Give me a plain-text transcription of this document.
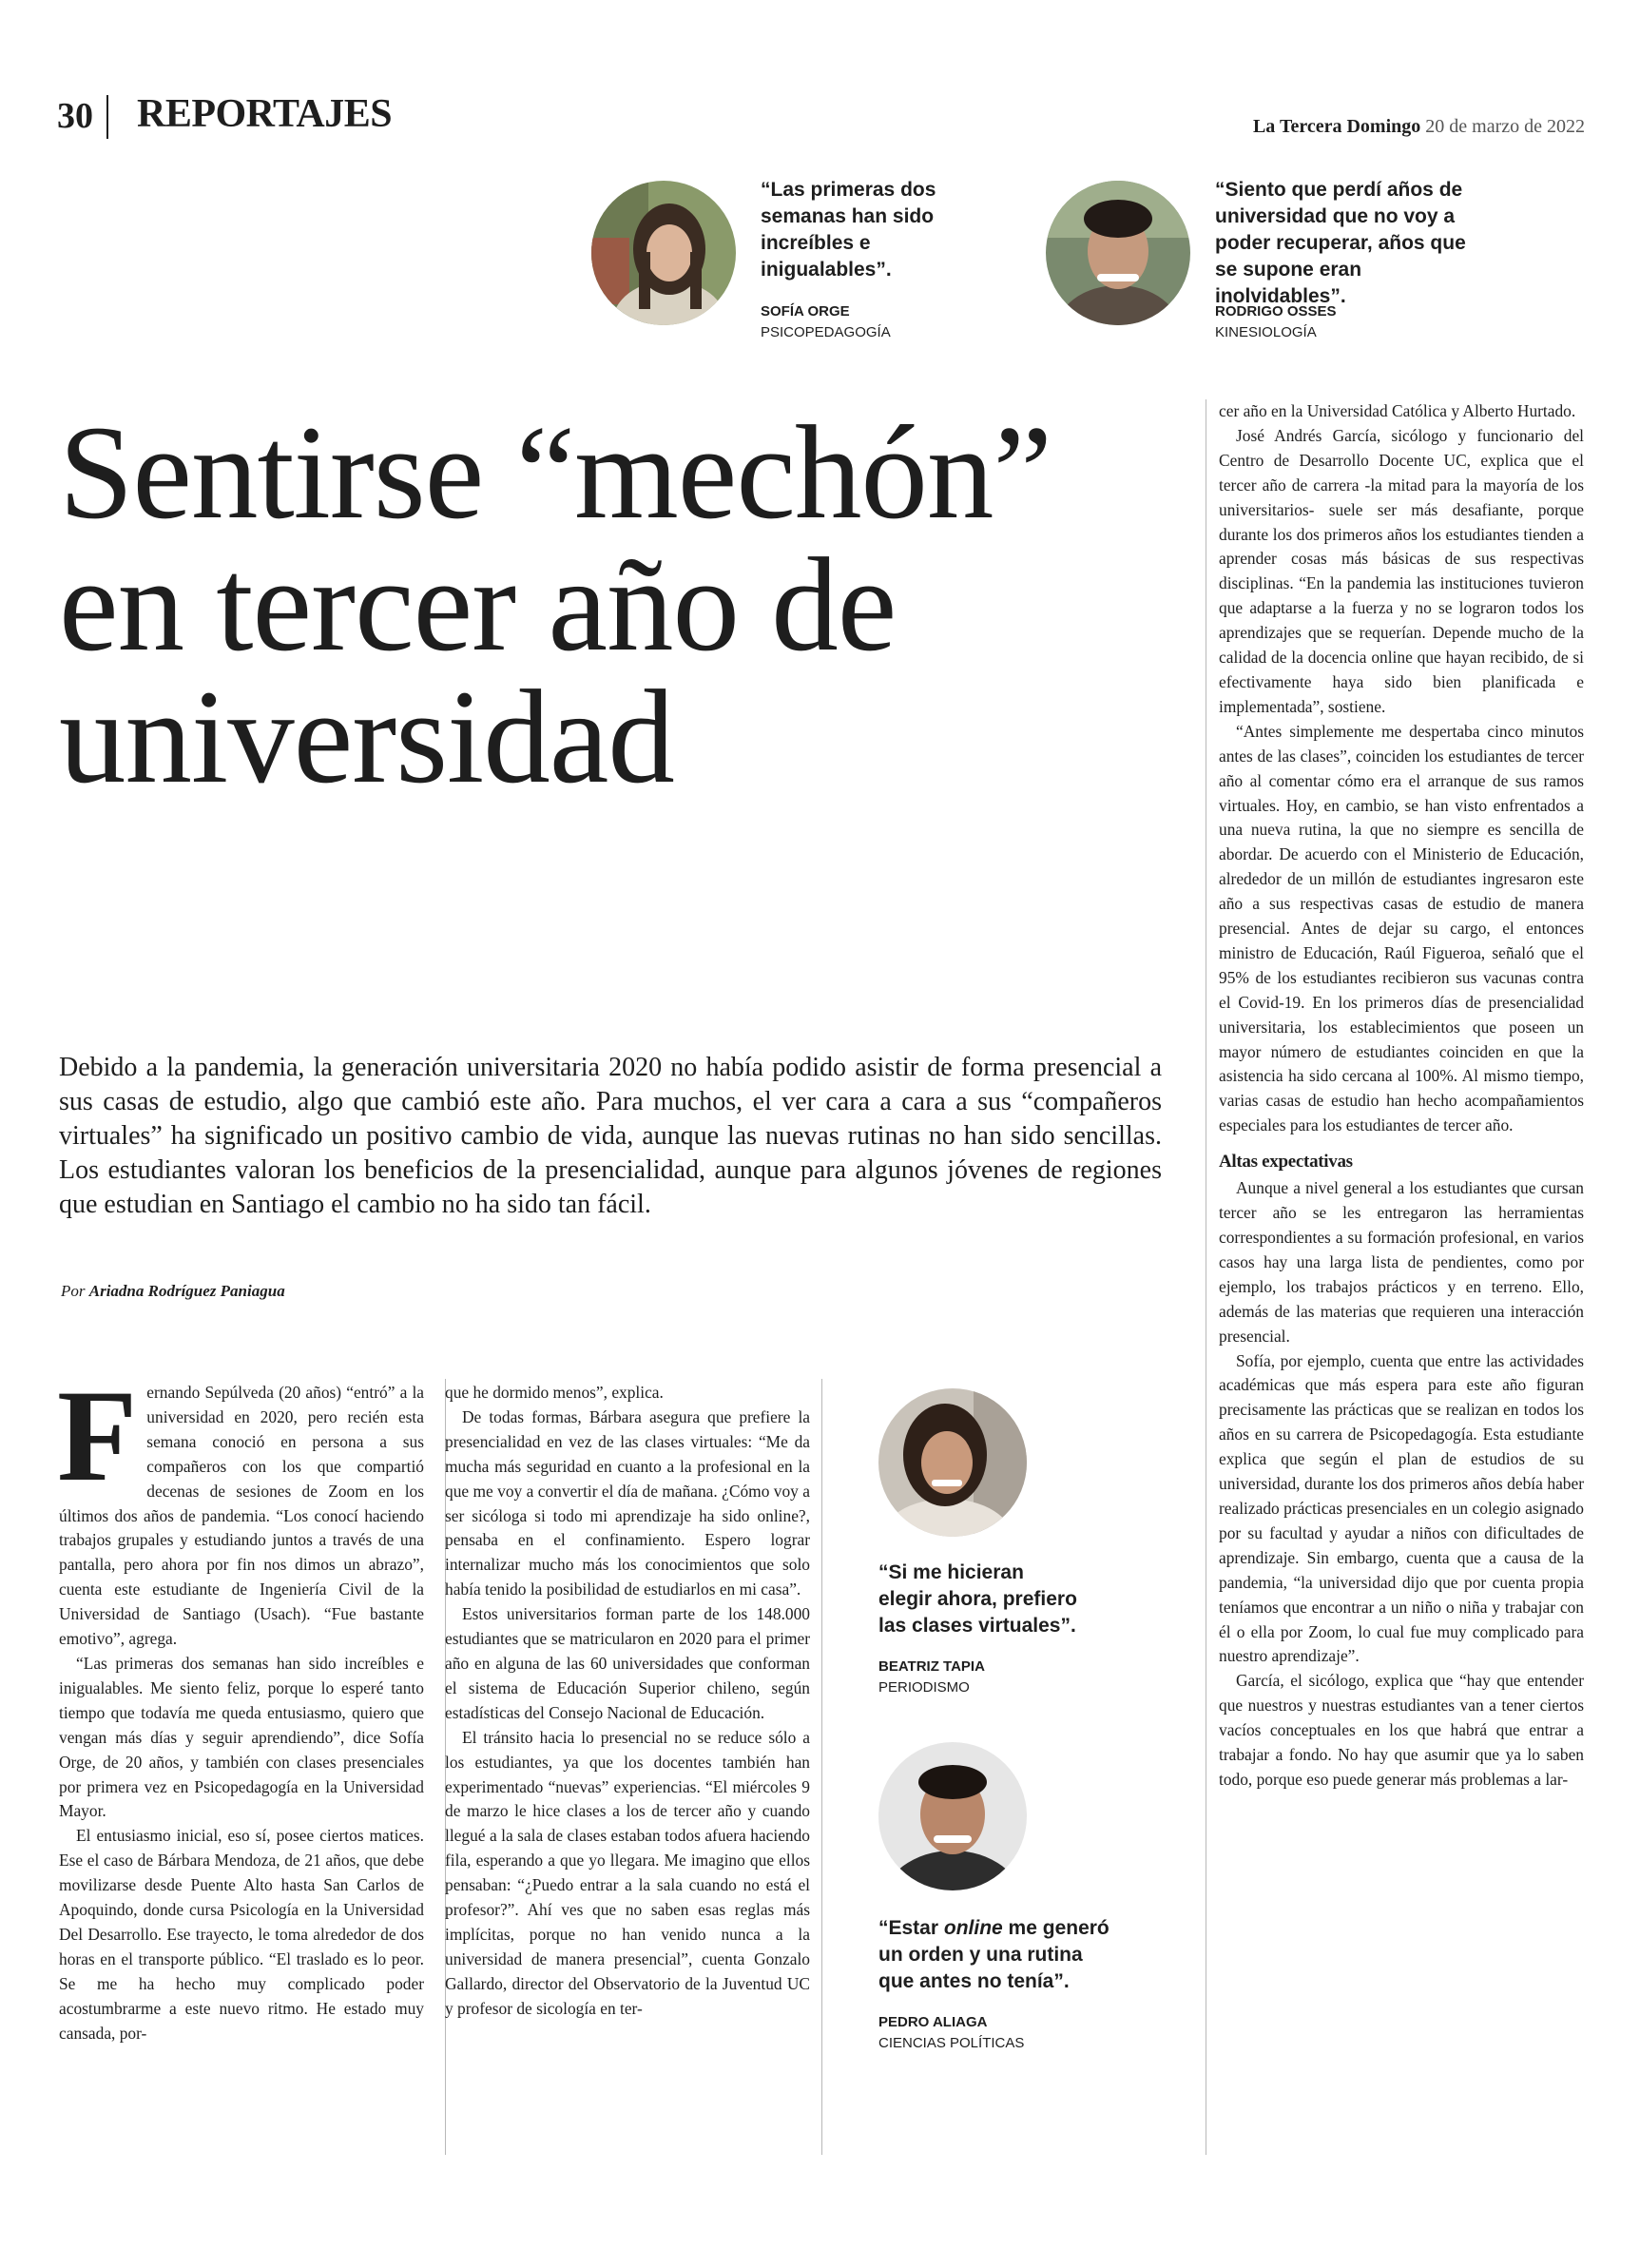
30 REPORTAJES	La Tercera Domingo 20 de marzo de 2022
“Las primeras dos semanas han sido increíbles e inigualables”.
SOFÍA ORGE
PSICOPEDAGOGÍA
“Siento que perdí años de universidad que no voy a poder recuperar, años que se supone eran inolvidables”.
RODRIGO OSSES
KINESIOLOGÍA
Sentirse “mechón” en tercer año de universidad

Debido a la pandemia, la generación universitaria 2020 no había podido asistir de forma presencial a sus casas de estudio, algo que cambió este año. Para muchos, el ver cara a cara a sus “compañeros virtuales” ha significado un positivo cambio de vida, aunque las nuevas rutinas no han sido sencillas. Los estudiantes valoran los beneficios de la presencialidad, aunque para algunos jóvenes de regiones que estudian en Santiago el cambio no ha sido tan fácil.

Por Ariadna Rodríguez Paniagua
F ernando Sepúlveda (20 años) “entró” a la universidad en 2020, pero recién esta semana conoció en persona a sus compañeros con los que compartió decenas de sesiones de Zoom en los últimos dos años de pandemia. “Los conocí haciendo trabajos grupales y estudiando juntos a través de una pantalla, pero ahora por fin nos dimos un abrazo”, cuenta este estudiante de Ingeniería Civil de la Universidad de Santiago (Usach). “Fue bastante emotivo”, agrega.

“Las primeras dos semanas han sido increíbles e inigualables. Me siento feliz, porque lo esperé tanto tiempo que todavía me queda entusiasmo, quiero que vengan más días y seguir aprendiendo”, dice Sofía Orge, de 20 años, y también con clases presenciales por primera vez en Psicopedagogía en la Universidad Mayor.

El entusiasmo inicial, eso sí, posee ciertos matices. Ese el caso de Bárbara Mendoza, de 21 años, que debe movilizarse desde Puente Alto hasta San Carlos de Apoquindo, donde cursa Psicología en la Universidad Del Desarrollo. Ese trayecto, le toma alrededor de dos horas en el transporte público. “El traslado es lo peor. Se me ha hecho muy complicado poder acostumbrarme a este nuevo ritmo. He estado muy cansada, por-

que he dormido menos”, explica.

De todas formas, Bárbara asegura que prefiere la presencialidad en vez de las clases virtuales: “Me da mucha más seguridad en cuanto a la profesional en la que me voy a convertir el día de mañana. ¿Cómo voy a ser sicóloga si todo mi aprendizaje ha sido online?, pensaba en el confinamiento. Espero lograr internalizar mucho más los conocimientos que solo había tenido la posibilidad de estudiarlos en mi casa”.

Estos universitarios forman parte de los 148.000 estudiantes que se matricularon en 2020 para el primer año en alguna de las 60 universidades que conforman el sistema de Educación Superior chileno, según estadísticas del Consejo Nacional de Educación.

El tránsito hacia lo presencial no se reduce sólo a los estudiantes, ya que los docentes también han experimentado “nuevas” experiencias. “El miércoles 9 de marzo le hice clases a los de tercer año y cuando llegué a la sala de clases estaban todos afuera haciendo fila, esperando a que yo llegara. Me imagino que ellos pensaban: “¿Puedo entrar a la sala cuando no está el profesor?”. Ahí ves que no saben esas reglas más implícitas, porque no han venido nunca a la universidad de manera presencial”, cuenta Gonzalo Gallardo, director del Observatorio de la Juventud UC y profesor de sicología en ter-

“Si me hicieran elegir ahora, prefiero las clases virtuales”.
BEATRIZ TAPIA
PERIODISMO
“Estar online me generó un orden y una rutina que antes no tenía”.
PEDRO ALIAGA
CIENCIAS POLÍTICAS

cer año en la Universidad Católica y Alberto Hurtado.

José Andrés García, sicólogo y funcionario del Centro de Desarrollo Docente UC, explica que el tercer año de carrera -la mitad para la mayoría de los universitarios- suele ser más desafiante, porque durante los dos primeros años los estudiantes tienden a aprender cosas más básicas de sus respectivas disciplinas. “En la pandemia las instituciones tuvieron que adaptarse a la fuerza y no se lograron todos los aprendizajes que se requerían. Depende mucho de la calidad de la docencia online que hayan recibido, de si efectivamente haya sido bien planificada e implementada”, sostiene.

“Antes simplemente me despertaba cinco minutos antes de las clases”, coinciden los estudiantes de tercer año al comentar cómo era el arranque de sus ramos virtuales. Hoy, en cambio, se han visto enfrentados a una nueva rutina, la que no siempre es sencilla de abordar. De acuerdo con el Ministerio de Educación, alrededor de un millón de estudiantes ingresaron este año a sus respectivas casas de estudio de manera presencial. Antes de dejar su cargo, el entonces ministro de Educación, Raúl Figueroa, señaló que el 95% de los estudiantes recibieron sus vacunas contra el Covid-19. En los primeros días de presencialidad universitaria, los establecimientos que poseen un mayor número de estudiantes coinciden en que la asistencia ha sido cercana al 100%. Al mismo tiempo, varias casas de estudio han hecho acompañamientos especiales para los estudiantes de tercer año.

Altas expectativas

Aunque a nivel general a los estudiantes que cursan tercer año se les entregaron las herramientas correspondientes a su formación profesional, en varios casos hay una larga lista de pendientes, como por ejemplo, los trabajos prácticos y en terreno. Ello, además de las materias que requieren una interacción presencial.

Sofía, por ejemplo, cuenta que entre las actividades académicas que más espera para este año figuran precisamente las prácticas que se realizan en todos los años en su carrera de Psicopedagogía. Esta estudiante explica que según el plan de estudios de su universidad, durante los dos primeros años debía haber realizado prácticas presenciales en un colegio asignado por su facultad y ayudar a niños con dificultades de aprendizaje. Sin embargo, cuenta que a causa de la pandemia, “la universidad dijo que por cuenta propia teníamos que encontrar a un niño o niña y trabajar con él o ella por Zoom, lo cual fue muy complicado para nuestro aprendizaje”.

García, el sicólogo, explica que “hay que entender que nuestros y nuestras estudiantes van a tener ciertos vacíos conceptuales en los que habrá que entrar a trabajar a fondo. No hay que asumir que ya lo saben todo, porque eso puede generar más problemas a lar-
